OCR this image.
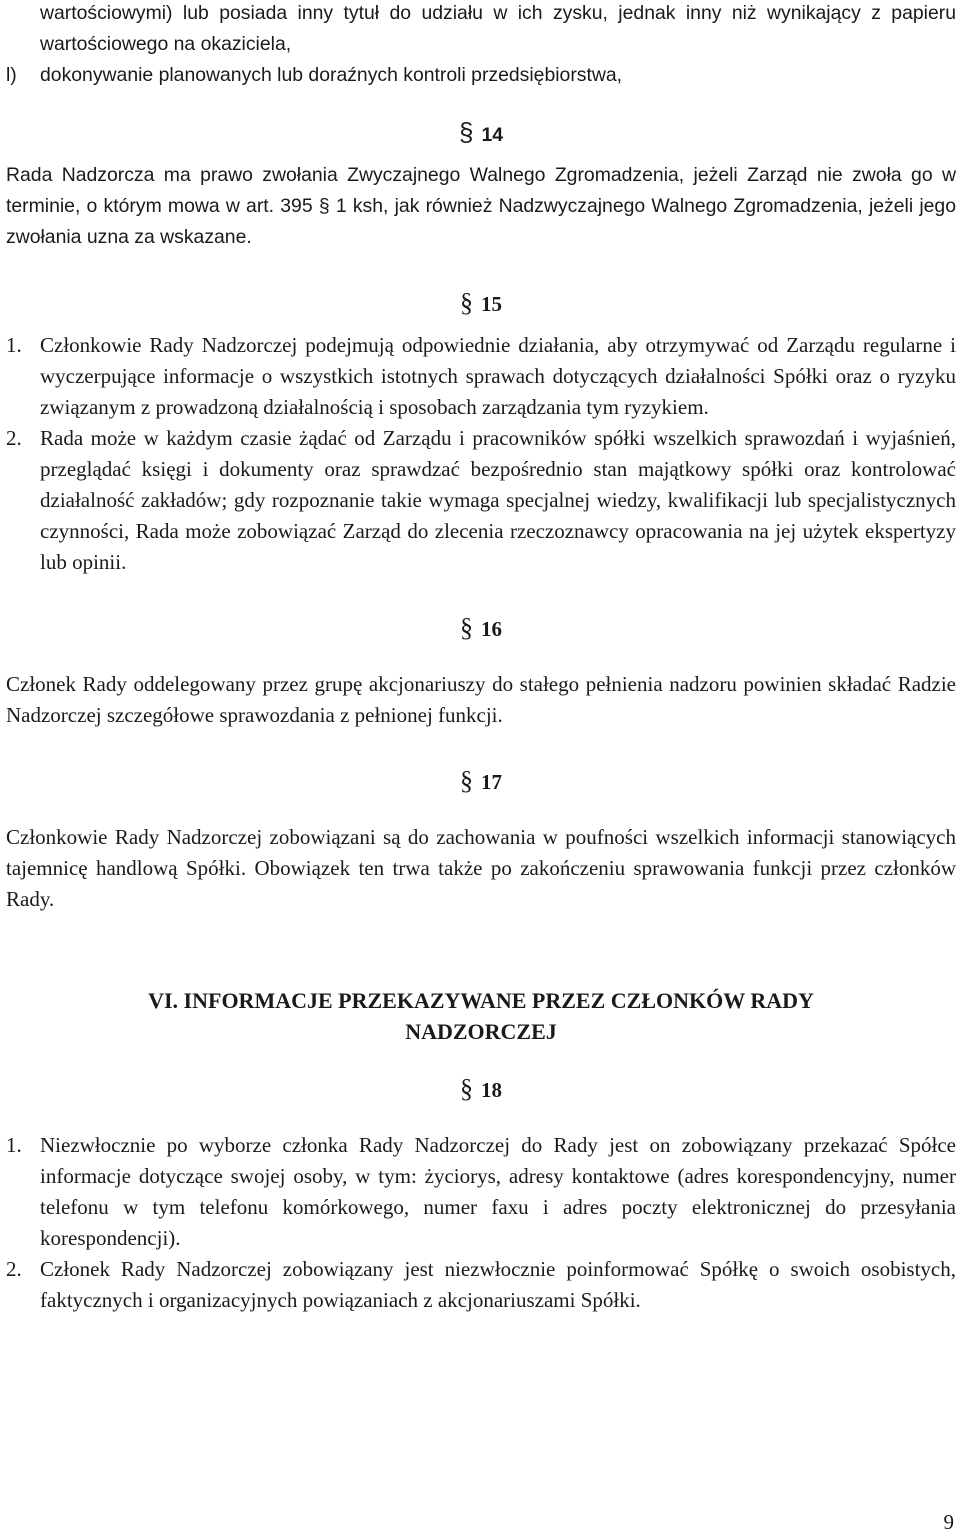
wartościowymi) lub posiada inny tytuł do udziału w ich zysku, jednak inny niż wynikający z papieru wartościowego na okaziciela,

l)	dokonywanie planowanych lub doraźnych kontroli przedsiębiorstwa,

§ 14

Rada Nadzorcza ma prawo zwołania Zwyczajnego Walnego Zgromadzenia, jeżeli Zarząd nie zwoła go w terminie, o którym mowa w art. 395 § 1 ksh, jak również Nadzwyczajnego Walnego Zgromadzenia, jeżeli jego zwołania uzna za wskazane.

§ 15

1. Członkowie Rady Nadzorczej podejmują odpowiednie działania, aby otrzymywać od Zarządu regularne i wyczerpujące informacje o wszystkich istotnych sprawach dotyczących działalności Spółki oraz o ryzyku związanym z prowadzoną działalnością i sposobach zarządzania tym ryzykiem.
2. Rada może w każdym czasie żądać od Zarządu i pracowników spółki wszelkich sprawozdań i wyjaśnień, przeglądać księgi i dokumenty oraz sprawdzać bezpośrednio stan majątkowy spółki oraz kontrolować działalność zakładów; gdy rozpoznanie takie wymaga specjalnej wiedzy, kwalifikacji lub specjalistycznych czynności, Rada może zobowiązać Zarząd do zlecenia rzeczoznawcy opracowania na jej użytek ekspertyzy lub opinii.

§ 16

Członek Rady oddelegowany przez grupę akcjonariuszy do stałego pełnienia nadzoru powinien składać Radzie Nadzorczej szczegółowe sprawozdania z pełnionej funkcji.

§ 17

Członkowie Rady Nadzorczej zobowiązani są do zachowania w poufności wszelkich informacji stanowiących tajemnicę handlową Spółki. Obowiązek ten trwa także po zakończeniu sprawowania funkcji przez członków Rady.

VI. INFORMACJE PRZEKAZYWANE PRZEZ CZŁONKÓW RADY

NADZORCZEJ

§ 18

1. Niezwłocznie po wyborze członka Rady Nadzorczej do Rady jest on zobowiązany przekazać Spółce informacje dotyczące swojej osoby, w tym: życiorys, adresy kontaktowe (adres korespondencyjny, numer telefonu w tym telefonu komórkowego, numer faxu i adres poczty elektronicznej do przesyłania korespondencji).
2. Członek Rady Nadzorczej zobowiązany jest niezwłocznie poinformować Spółkę o swoich osobistych, faktycznych i organizacyjnych powiązaniach z akcjonariuszami Spółki.
9
